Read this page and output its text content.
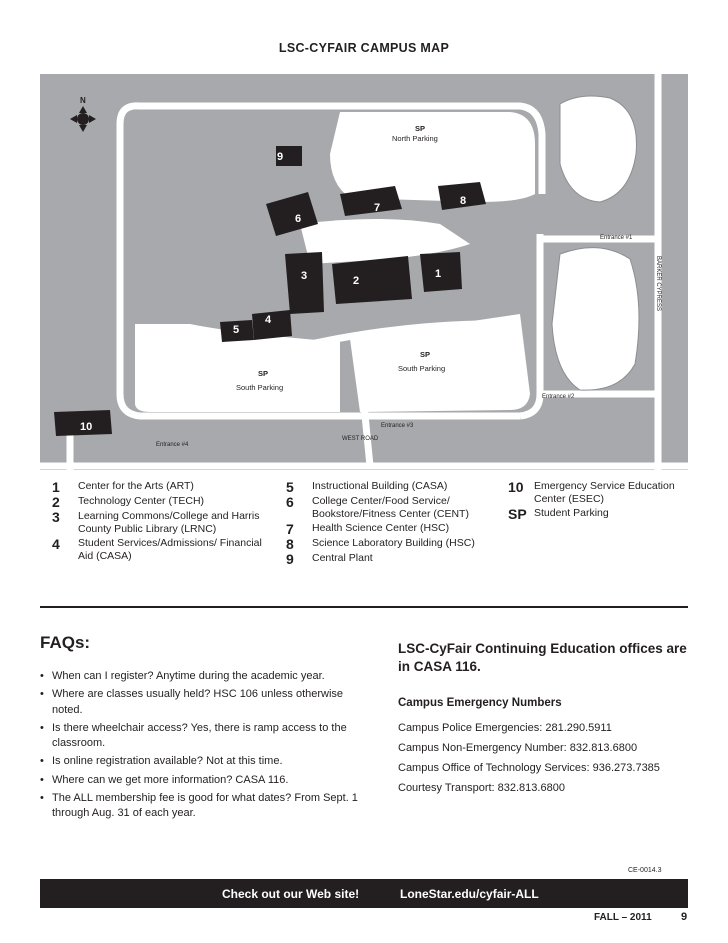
LSC-CYFAIR CAMPUS MAP
N
1
2
3
4
5
6
7
8
9
10
SP
North Parking
SP
South Parking
SP
South Parking
Entrance #1
Entrance #2
Entrance #3
Entrance #4
WEST ROAD
BARKER CYPRESS
1	Center for the Arts (ART)
2	Technology Center (TECH)
3	Learning Commons/College and Harris County Public Library (LRNC)
4	Student Services/Admissions/ Financial Aid (CASA)
5	Instructional Building (CASA)
6	College Center/Food Service/ Bookstore/Fitness Center (CENT)
7	Health Science Center (HSC)
8	Science Laboratory Building (HSC)
9	Central Plant
10 Emergency Service Education Center (ESEC)
SP Student Parking
FAQs:
• When can I register? Anytime during the academic year.
• Where are classes usually held? HSC 106 unless otherwise noted.
• Is there wheelchair access? Yes, there is ramp access to the classroom.
• Is online registration available? Not at this time.
• Where can we get more information? CASA 116.
• The ALL membership fee is good for what dates? From Sept. 1 through Aug. 31 of each year.
LSC-CyFair Continuing Education offices are in CASA 116.
Campus Emergency Numbers
Campus Police Emergencies: 281.290.5911
Campus Non-Emergency Number: 832.813.6800
Campus Office of Technology Services: 936.273.7385
Courtesy Transport: 832.813.6800
CE-0014.3
Check out our Web site!	LoneStar.edu/cyfair-ALL
FALL – 2011	9
